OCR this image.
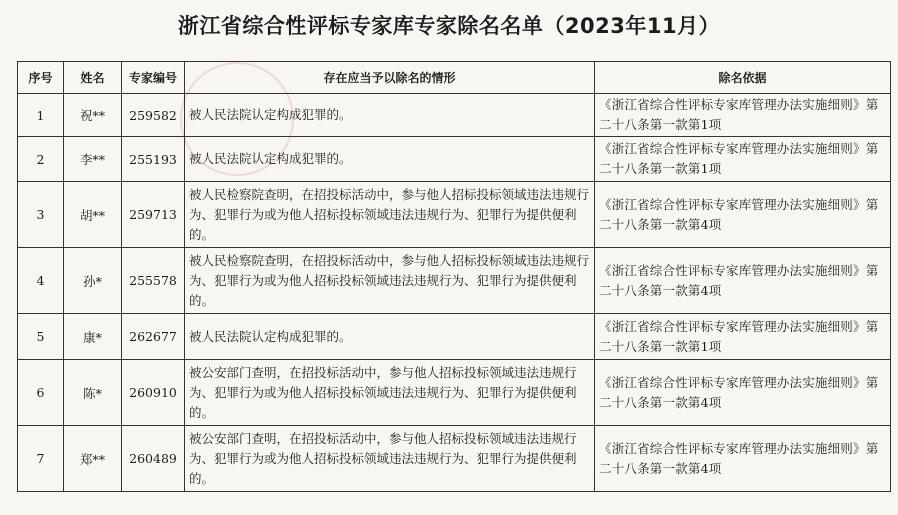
浙江省综合性评标专家库专家除名名单（2023年11月）
序号	姓名	专家编号	存在应当予以除名的情形	除名依据
1	祝**	259582	被人民法院认定构成犯罪的。	《浙江省综合性评标专家库管理办法实施细则》第二十八条第一款第1项
2	李**	255193	被人民法院认定构成犯罪的。	《浙江省综合性评标专家库管理办法实施细则》第二十八条第一款第1项
3	胡**	259713	被人民检察院查明，在招投标活动中，参与他人招标投标领域违法违规行为、犯罪行为或为他人招标投标领域违法违规行为、犯罪行为提供便利的。	《浙江省综合性评标专家库管理办法实施细则》第二十八条第一款第4项
4	孙*	255578	被人民检察院查明，在招投标活动中，参与他人招标投标领域违法违规行为、犯罪行为或为他人招标投标领域违法违规行为、犯罪行为提供便利的。	《浙江省综合性评标专家库管理办法实施细则》第二十八条第一款第4项
5	康*	262677	被人民法院认定构成犯罪的。	《浙江省综合性评标专家库管理办法实施细则》第二十八条第一款第1项
6	陈*	260910	被公安部门查明，在招投标活动中，参与他人招标投标领域违法违规行为、犯罪行为或为他人招标投标领域违法违规行为、犯罪行为提供便利的。	《浙江省综合性评标专家库管理办法实施细则》第二十八条第一款第4项
7	郑**	260489	被公安部门查明，在招投标活动中，参与他人招标投标领域违法违规行为、犯罪行为或为他人招标投标领域违法违规行为、犯罪行为提供便利的。	《浙江省综合性评标专家库管理办法实施细则》第二十八条第一款第4项
